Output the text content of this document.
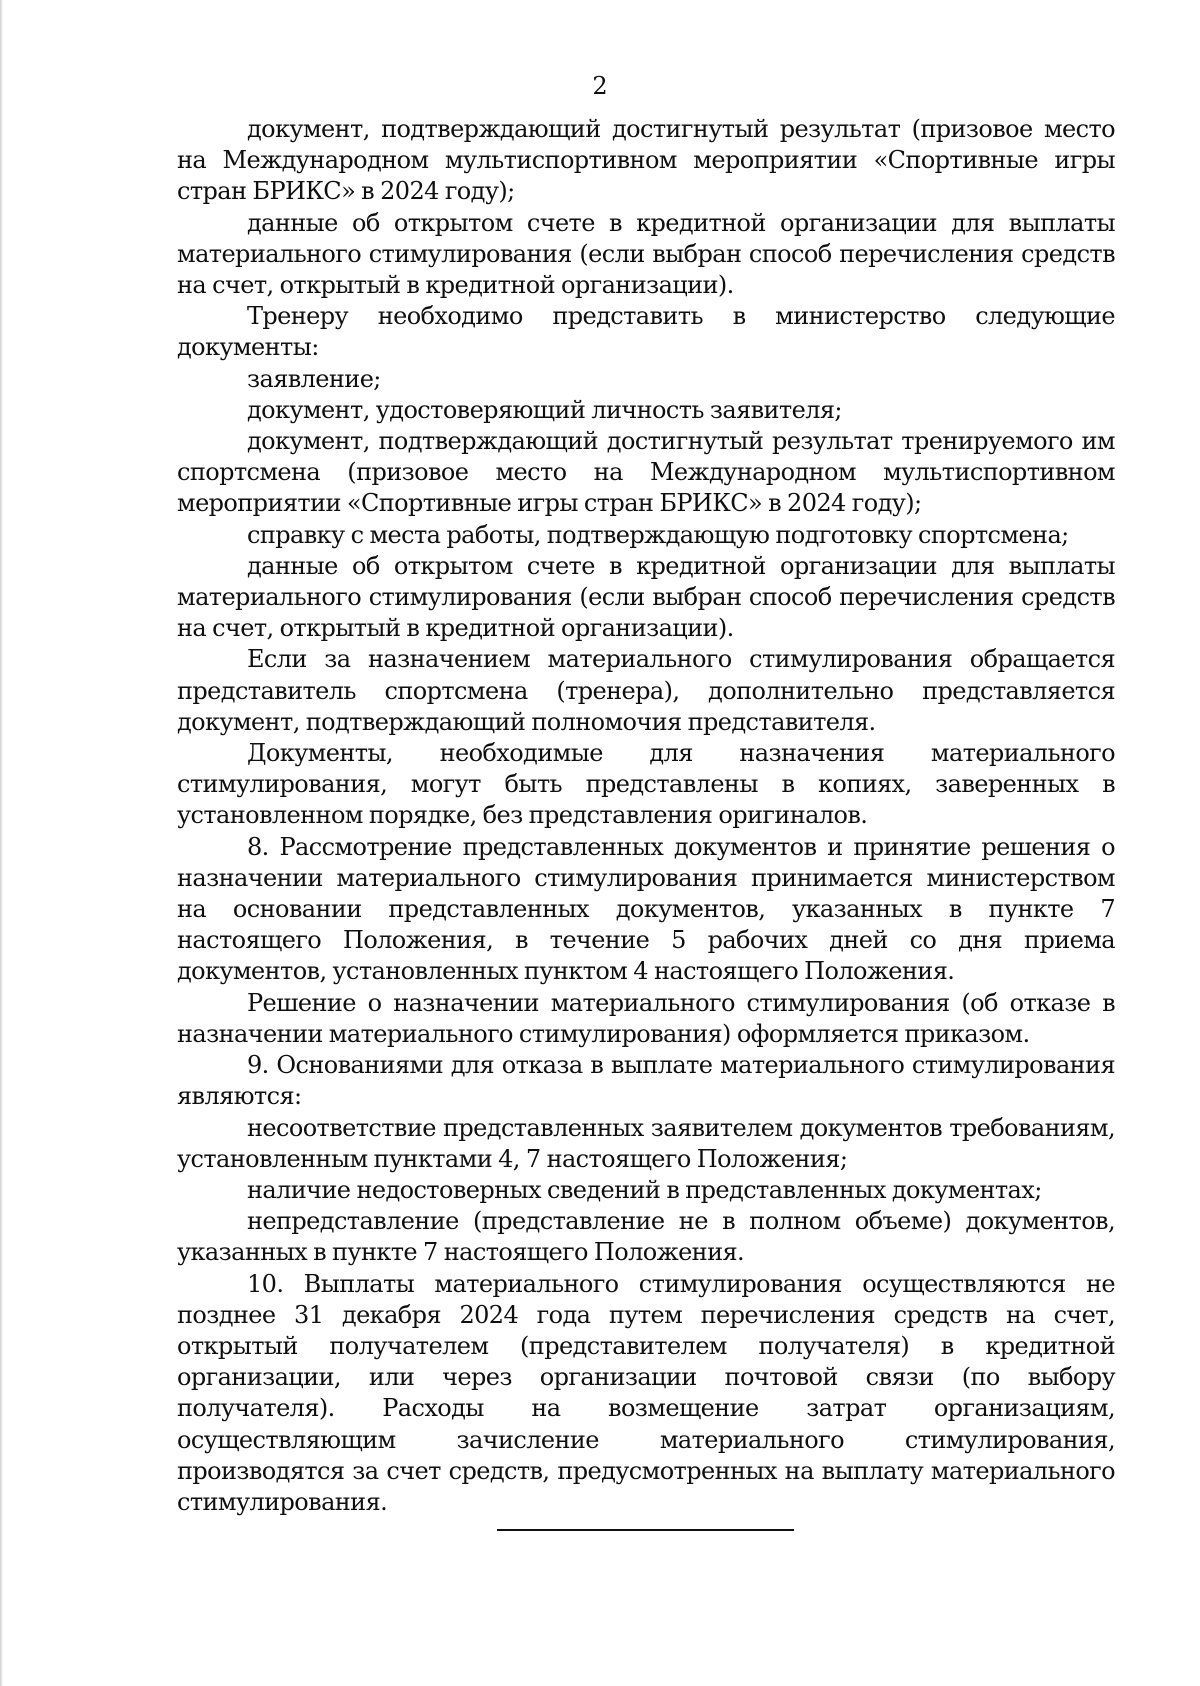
2

документ, подтверждающий достигнутый результат (призовое место на Международном мультиспортивном мероприятии «Спортивные игры стран БРИКС» в 2024 году);

данные об открытом счете в кредитной организации для выплаты материального стимулирования (если выбран способ перечисления средств на счет, открытый в кредитной организации).

Тренеру необходимо представить в министерство следующие документы:

заявление;

документ, удостоверяющий личность заявителя;

документ, подтверждающий достигнутый результат тренируемого им спортсмена (призовое место на Международном мультиспортивном мероприятии «Спортивные игры стран БРИКС» в 2024 году);

справку с места работы, подтверждающую подготовку спортсмена;

данные об открытом счете в кредитной организации для выплаты материального стимулирования (если выбран способ перечисления средств на счет, открытый в кредитной организации).

Если за назначением материального стимулирования обращается представитель спортсмена (тренера), дополнительно представляется документ, подтверждающий полномочия представителя.

Документы, необходимые для назначения материального стимулирования, могут быть представлены в копиях, заверенных в установленном порядке, без представления оригиналов.

8. Рассмотрение представленных документов и принятие решения о назначении материального стимулирования принимается министерством на основании представленных документов, указанных в пункте 7 настоящего Положения, в течение 5 рабочих дней со дня приема документов, установленных пунктом 4 настоящего Положения.

Решение о назначении материального стимулирования (об отказе в назначении материального стимулирования) оформляется приказом.

9. Основаниями для отказа в выплате материального стимулирования являются:

несоответствие представленных заявителем документов требованиям, установленным пунктами 4, 7 настоящего Положения;

наличие недостоверных сведений в представленных документах;

непредставление (представление не в полном объеме) документов, указанных в пункте 7 настоящего Положения.

10. Выплаты материального стимулирования осуществляются не позднее 31 декабря 2024 года путем перечисления средств на счет, открытый получателем (представителем получателя) в кредитной организации, или через организации почтовой связи (по выбору получателя). Расходы на возмещение затрат организациям, осуществляющим зачисление материального стимулирования, производятся за счет средств, предусмотренных на выплату материального стимулирования.
